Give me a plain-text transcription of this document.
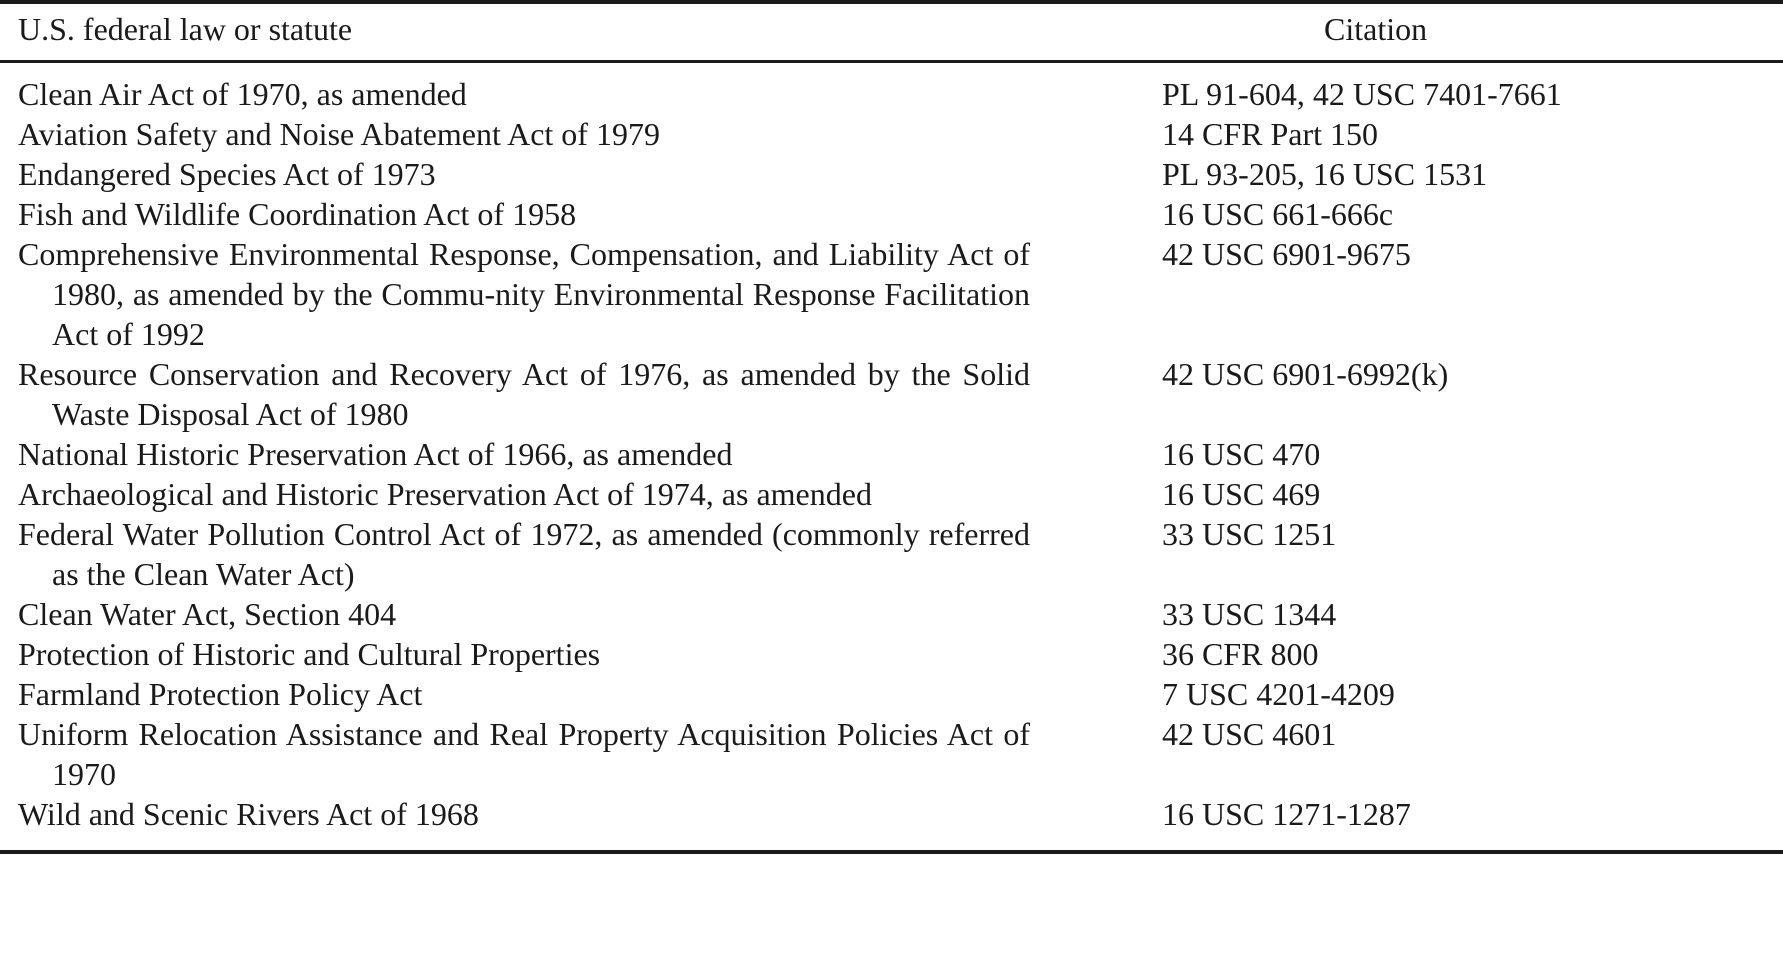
U.S. federal law or statute	Citation

Clean Air Act of 1970, as amended	PL 91-604, 42 USC 7401-7661

Aviation Safety and Noise Abatement Act of 1979	14 CFR Part 150

Endangered Species Act of 1973	PL 93-205, 16 USC 1531

Fish and Wildlife Coordination Act of 1958	16 USC 661-666c

Comprehensive Environmental Response, Compensation, and Liability Act of 1980, as amended by the Commu-nity Environmental Response Facilitation Act of 1992	42 USC 6901-9675

Resource Conservation and Recovery Act of 1976, as amended by the Solid Waste Disposal Act of 1980	42 USC 6901-6992(k)

National Historic Preservation Act of 1966, as amended	16 USC 470

Archaeological and Historic Preservation Act of 1974, as amended	16 USC 469

Federal Water Pollution Control Act of 1972, as amended (commonly referred as the Clean Water Act)	33 USC 1251

Clean Water Act, Section 404	33 USC 1344

Protection of Historic and Cultural Properties	36 CFR 800

Farmland Protection Policy Act	7 USC 4201-4209

Uniform Relocation Assistance and Real Property Acquisition Policies Act of 1970	42 USC 4601

Wild and Scenic Rivers Act of 1968	16 USC 1271-1287
